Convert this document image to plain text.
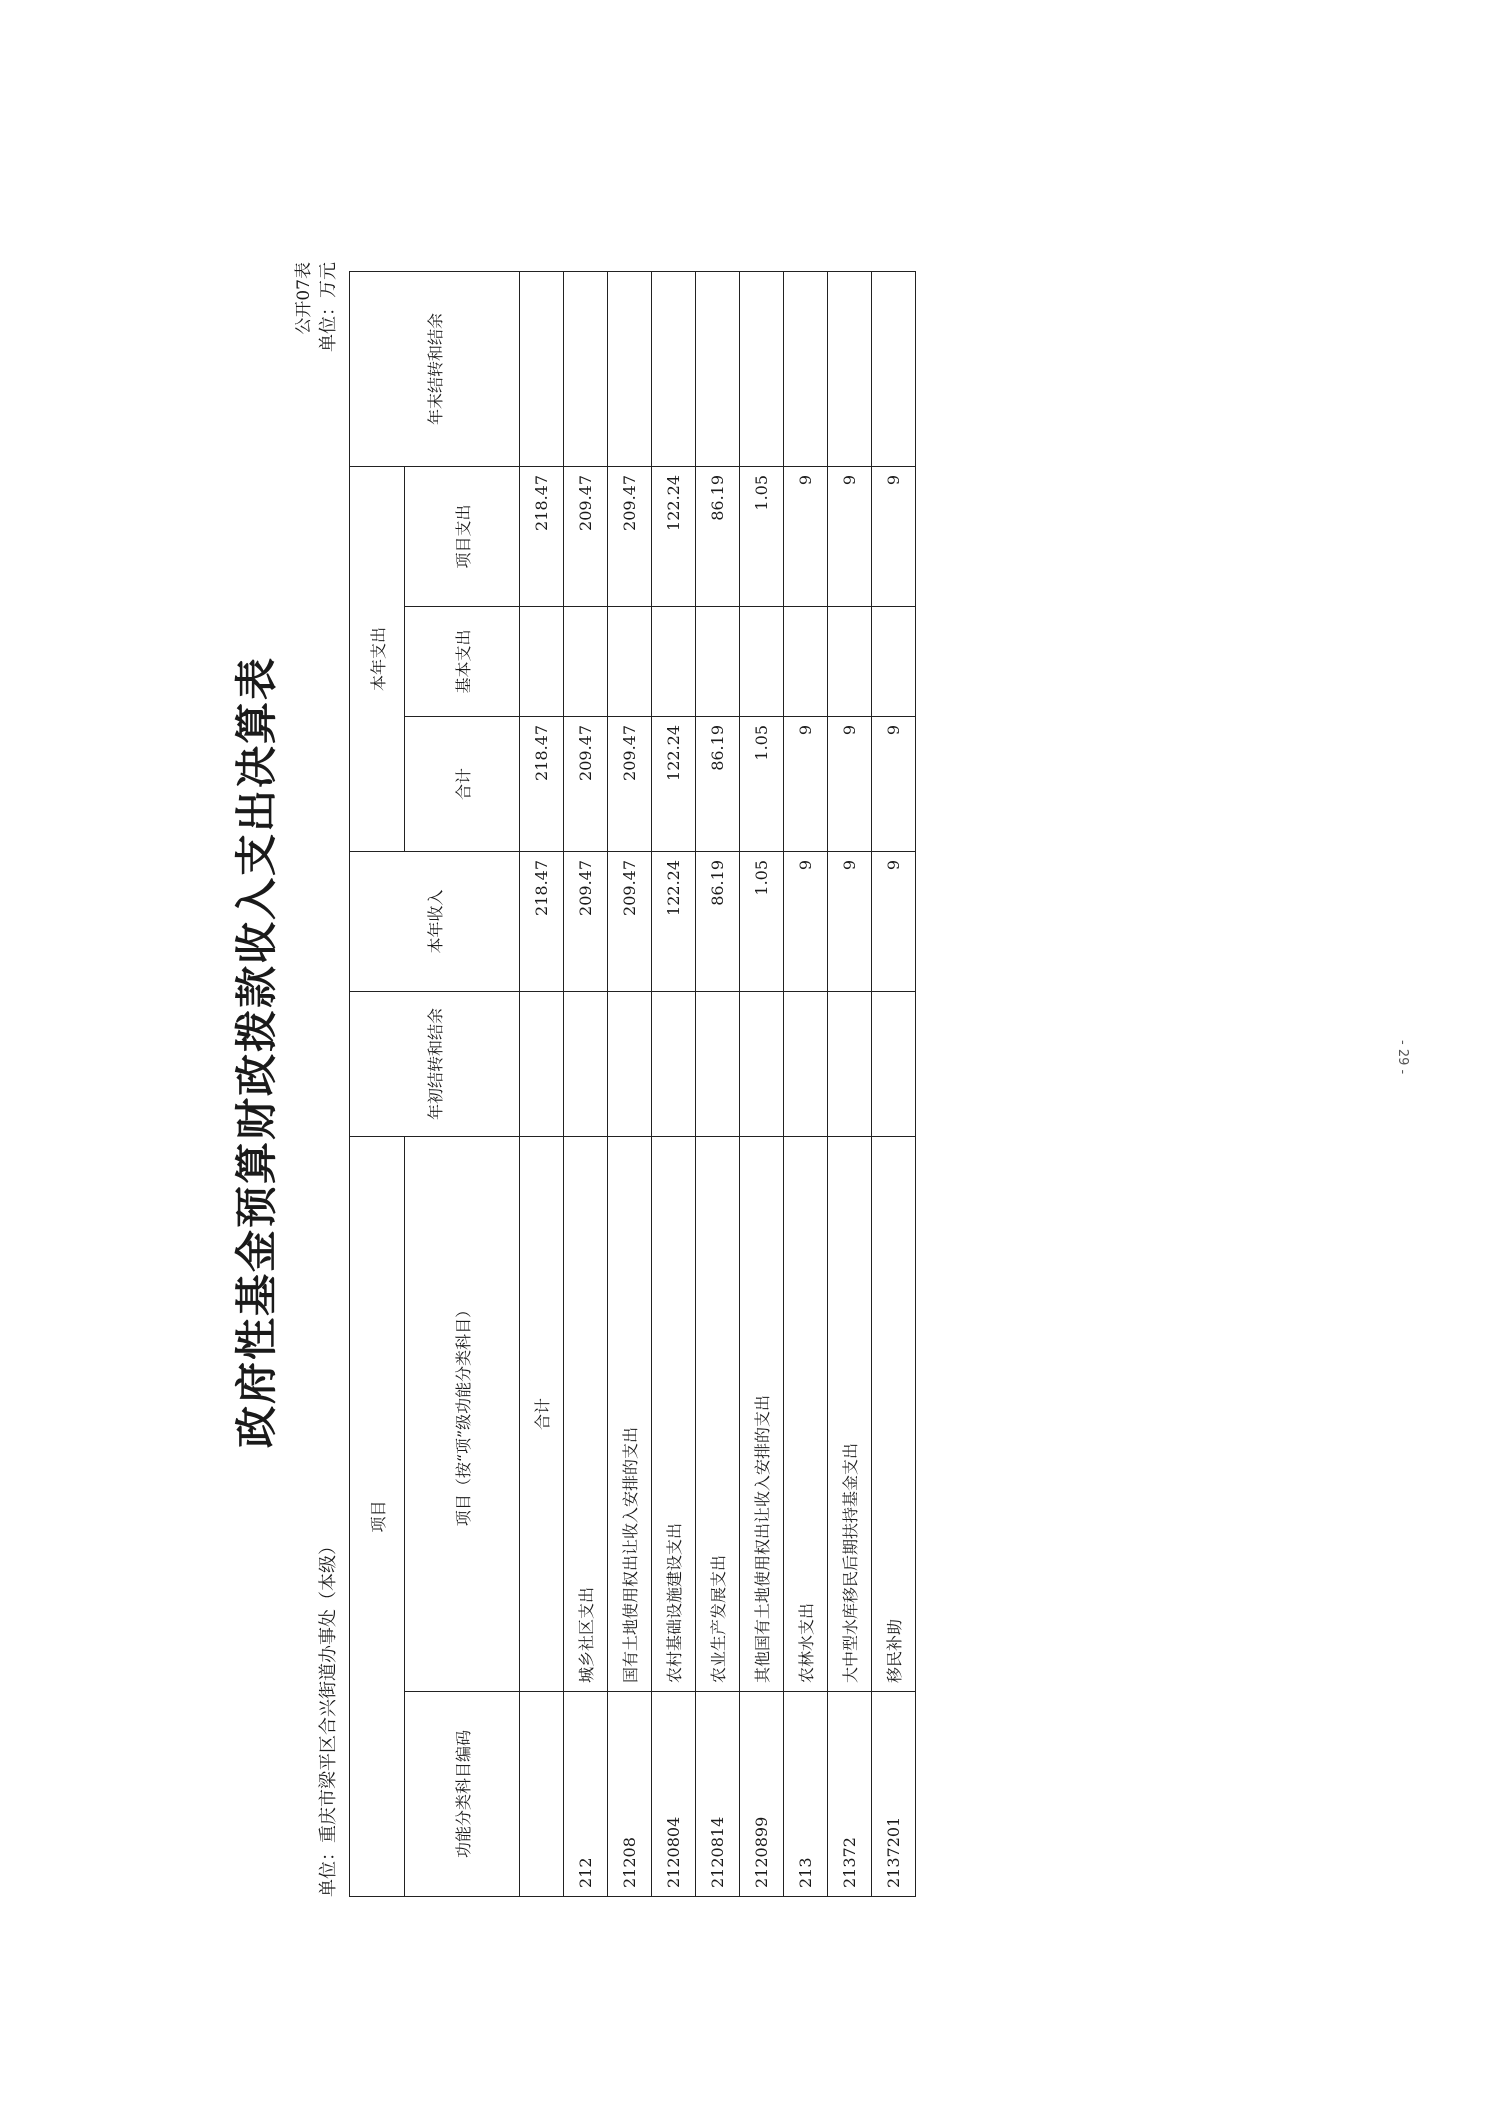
政府性基金预算财政拨款收入支出决算表
公开07表
单位：重庆市梁平区合兴街道办事处（本级）
单位：万元
项目		年初结转和结余	本年收入	本年支出			年末结转和结余
功能分类科目编码	项目（按“项”级功能分类科目）						
				合计	基本支出	项目支出	
	合计		218.47	218.47		218.47	
212	城乡社区支出		209.47	209.47		209.47	
21208	国有土地使用权出让收入安排的支出		209.47	209.47		209.47	
2120804	农村基础设施建设支出		122.24	122.24		122.24	
2120814	农业生产发展支出		86.19	86.19		86.19	
2120899	其他国有土地使用权出让收入安排的支出		1.05	1.05		1.05	
213	农林水支出		9	9		9	
21372	大中型水库移民后期扶持基金支出		9	9		9	
2137201	移民补助		9	9		9	
- 29 -
